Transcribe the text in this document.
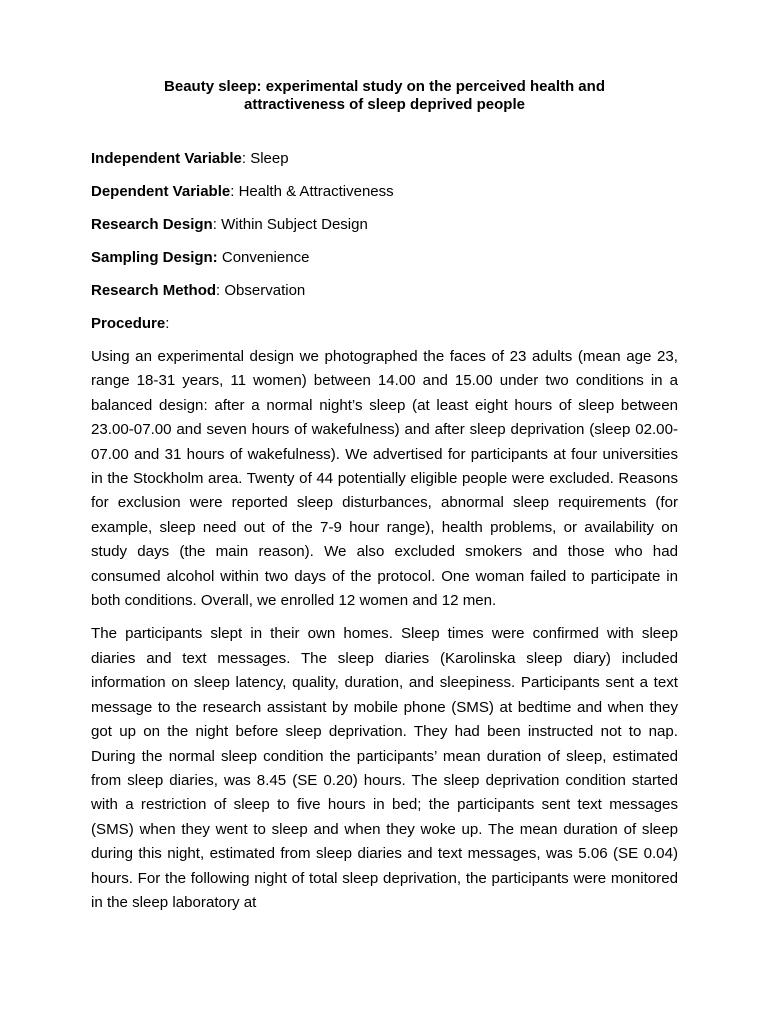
Beauty sleep: experimental study on the perceived health and
attractiveness of sleep deprived people
Independent Variable: Sleep
Dependent Variable: Health & Attractiveness
Research Design: Within Subject Design
Sampling Design: Convenience
Research Method: Observation
Procedure:

Using an experimental design we photographed the faces of 23 adults (mean age 23, range 18-31 years, 11 women) between 14.00 and 15.00 under two conditions in a balanced design: after a normal night’s sleep (at least eight hours of sleep between 23.00-07.00 and seven hours of wakefulness) and after sleep deprivation (sleep 02.00-07.00 and 31 hours of wakefulness). We advertised for participants at four universities in the Stockholm area. Twenty of 44 potentially eligible people were excluded. Reasons for exclusion were reported sleep disturbances, abnormal sleep requirements (for example, sleep need out of the 7-9 hour range), health problems, or availability on study days (the main reason). We also excluded smokers and those who had consumed alcohol within two days of the protocol. One woman failed to participate in both conditions. Overall, we enrolled 12 women and 12 men.

The participants slept in their own homes. Sleep times were confirmed with sleep diaries and text messages. The sleep diaries (Karolinska sleep diary) included information on sleep latency, quality, duration, and sleepiness. Participants sent a text message to the research assistant by mobile phone (SMS) at bedtime and when they got up on the night before sleep deprivation. They had been instructed not to nap. During the normal sleep condition the participants’ mean duration of sleep, estimated from sleep diaries, was 8.45 (SE 0.20) hours. The sleep deprivation condition started with a restriction of sleep to five hours in bed; the participants sent text messages (SMS) when they went to sleep and when they woke up. The mean duration of sleep during this night, estimated from sleep diaries and text messages, was 5.06 (SE 0.04) hours. For the following night of total sleep deprivation, the participants were monitored in the sleep laboratory at
